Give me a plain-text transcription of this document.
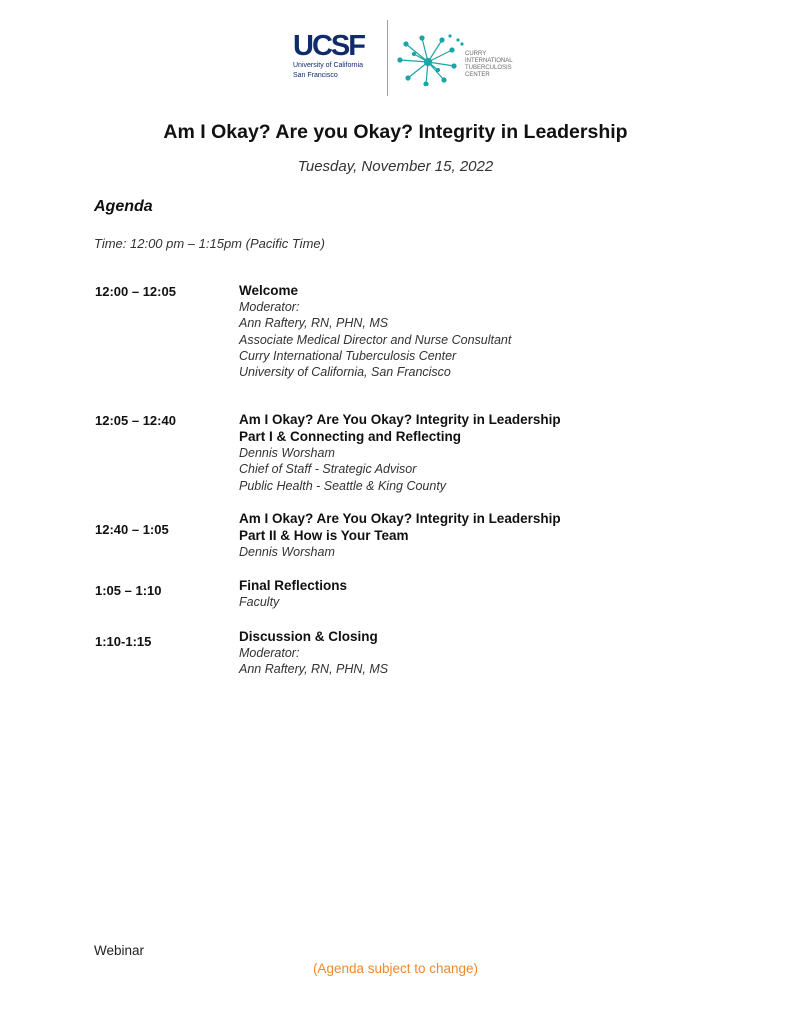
UCSF
University of California
San Francisco
CURRY
INTERNATIONAL
TUBERCULOSIS
CENTER
Am I Okay? Are you Okay? Integrity in Leadership
Tuesday, November 15, 2022
Agenda
Time: 12:00 pm – 1:15pm (Pacific Time)
12:00 – 12:05	Welcome
Moderator:
Ann Raftery, RN, PHN, MS
Associate Medical Director and Nurse Consultant
Curry International Tuberculosis Center
University of California, San Francisco
12:05 – 12:40	Am I Okay? Are You Okay? Integrity in Leadership
Part I & Connecting and Reflecting
Dennis Worsham
Chief of Staff - Strategic Advisor
Public Health - Seattle & King County
12:40 – 1:05
Am I Okay? Are You Okay? Integrity in Leadership
Part II & How is Your Team
Dennis Worsham
1:05 – 1:10	Final Reflections
Faculty
1:10-1:15	Discussion & Closing
Moderator:
Ann Raftery, RN, PHN, MS
Webinar
(Agenda subject to change)
